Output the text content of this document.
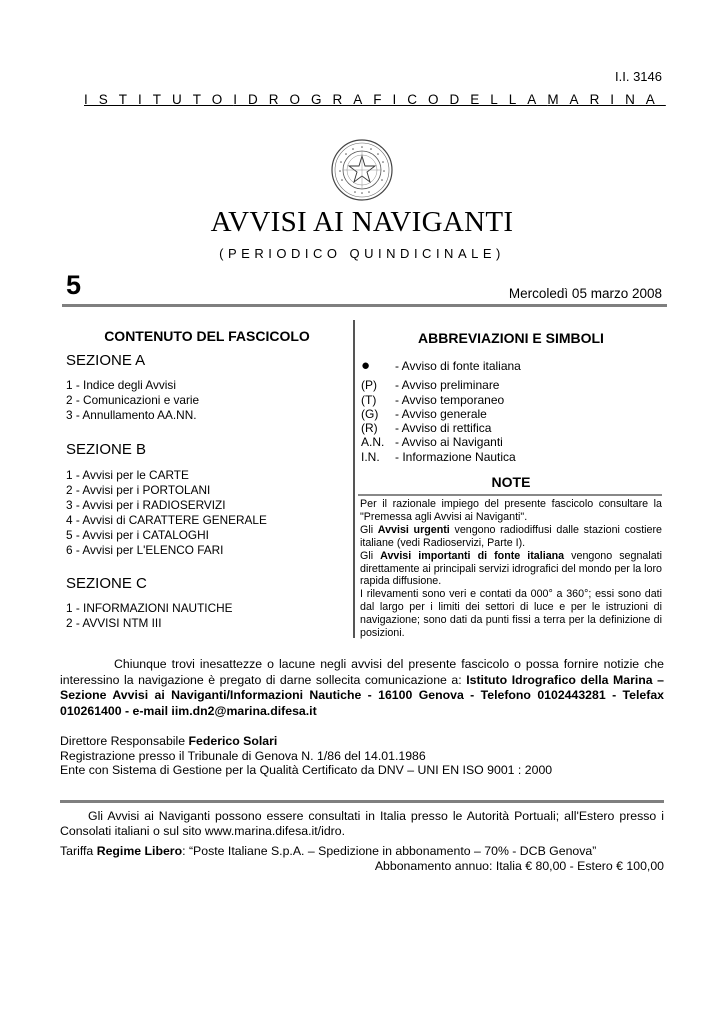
I.I. 3146
ISTITUTO IDROGRAFICO DELLA MARINA
AVVISI AI NAVIGANTI
(PERIODICO QUINDICINALE)
5	Mercoledì 05 marzo 2008
CONTENUTO DEL FASCICOLO
SEZIONE A
1 - Indice degli Avvisi
2 - Comunicazioni e varie
3 - Annullamento AA.NN.
SEZIONE B
1 - Avvisi per le CARTE
2 - Avvisi per i PORTOLANI
3 - Avvisi per i RADIOSERVIZI
4 - Avvisi di CARATTERE GENERALE
5 - Avvisi per i CATALOGHI
6 - Avvisi per L'ELENCO FARI
SEZIONE C
1 - INFORMAZIONI NAUTICHE
2 - AVVISI NTM III
ABBREVIAZIONI E SIMBOLI
●	- Avviso di fonte italiana
(P)	- Avviso preliminare
(T)	- Avviso temporaneo
(G)	- Avviso generale
(R)	- Avviso di rettifica
A.N. - Avviso ai Naviganti
I.N.	- Informazione Nautica
NOTE
Per il razionale impiego del presente fascicolo consultare la "Premessa agli Avvisi ai Naviganti".
Gli Avvisi urgenti vengono radiodiffusi dalle stazioni costiere italiane (vedi Radioservizi, Parte I).
Gli Avvisi importanti di fonte italiana vengono segnalati direttamente ai principali servizi idrografici del mondo per la loro rapida diffusione.
I rilevamenti sono veri e contati da 000° a 360°; essi sono dati dal largo per i limiti dei settori di luce e per le istruzioni di navigazione; sono dati da punti fissi a terra per la definizione di posizioni.
Chiunque trovi inesattezze o lacune negli avvisi del presente fascicolo o possa fornire notizie che interessino la navigazione è pregato di darne sollecita comunicazione a: Istituto Idrografico della Marina – Sezione Avvisi ai Naviganti/Informazioni Nautiche - 16100 Genova - Telefono 0102443281 - Telefax 010261400 - e-mail iim.dn2@marina.difesa.it
Direttore Responsabile Federico Solari
Registrazione presso il Tribunale di Genova N. 1/86 del 14.01.1986
Ente con Sistema di Gestione per la Qualità Certificato da DNV – UNI EN ISO 9001 : 2000
Gli Avvisi ai Naviganti possono essere consultati in Italia presso le Autorità Portuali; all'Estero presso i Consolati italiani o sul sito www.marina.difesa.it/idro.
Tariffa Regime Libero: “Poste Italiane S.p.A. – Spedizione in abbonamento – 70% - DCB Genova”
Abbonamento annuo: Italia € 80,00 - Estero € 100,00
